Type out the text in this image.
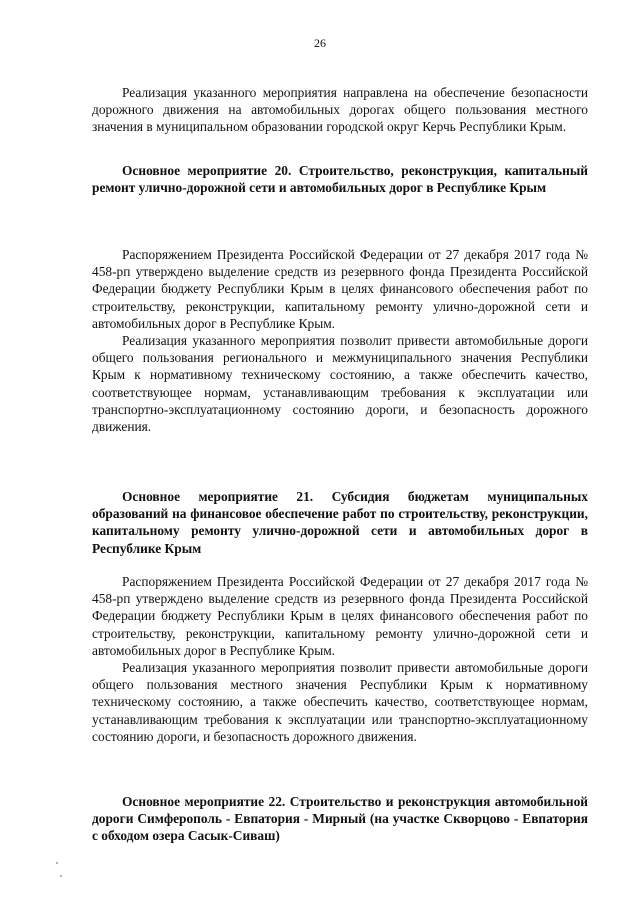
26

Реализация указанного мероприятия направлена на обеспечение безопасности дорожного движения на автомобильных дорогах общего пользования местного значения в муниципальном образовании городской округ Керчь Республики Крым.

Основное мероприятие 20. Строительство, реконструкция, капитальный ремонт улично-дорожной сети и автомобильных дорог в Республике Крым

Распоряжением Президента Российской Федерации от 27 декабря 2017 года № 458-рп утверждено выделение средств из резервного фонда Президента Российской Федерации бюджету Республики Крым в целях финансового обеспечения работ по строительству, реконструкции, капитальному ремонту улично-дорожной сети и автомобильных дорог в Республике Крым.

Реализация указанного мероприятия позволит привести автомобильные дороги общего пользования регионального и межмуниципального значения Республики Крым к нормативному техническому состоянию, а также обеспечить качество, соответствующее нормам, устанавливающим требования к эксплуатации или транспортно-эксплуатационному состоянию дороги, и безопасность дорожного движения.

Основное мероприятие 21. Субсидия бюджетам муниципальных образований на финансовое обеспечение работ по строительству, реконструкции, капитальному ремонту улично-дорожной сети и автомобильных дорог в Республике Крым

Распоряжением Президента Российской Федерации от 27 декабря 2017 года № 458-рп утверждено выделение средств из резервного фонда Президента Российской Федерации бюджету Республики Крым в целях финансового обеспечения работ по строительству, реконструкции, капитальному ремонту улично-дорожной сети и автомобильных дорог в Республике Крым.

Реализация указанного мероприятия позволит привести автомобильные дороги общего пользования местного значения Республики Крым к нормативному техническому состоянию, а также обеспечить качество, соответствующее нормам, устанавливающим требования к эксплуатации или транспортно-эксплуатационному состоянию дороги, и безопасность дорожного движения.

Основное мероприятие 22. Строительство и реконструкция автомобильной дороги Симферополь - Евпатория - Мирный (на участке Скворцово - Евпатория с обходом озера Сасык-Сиваш)
